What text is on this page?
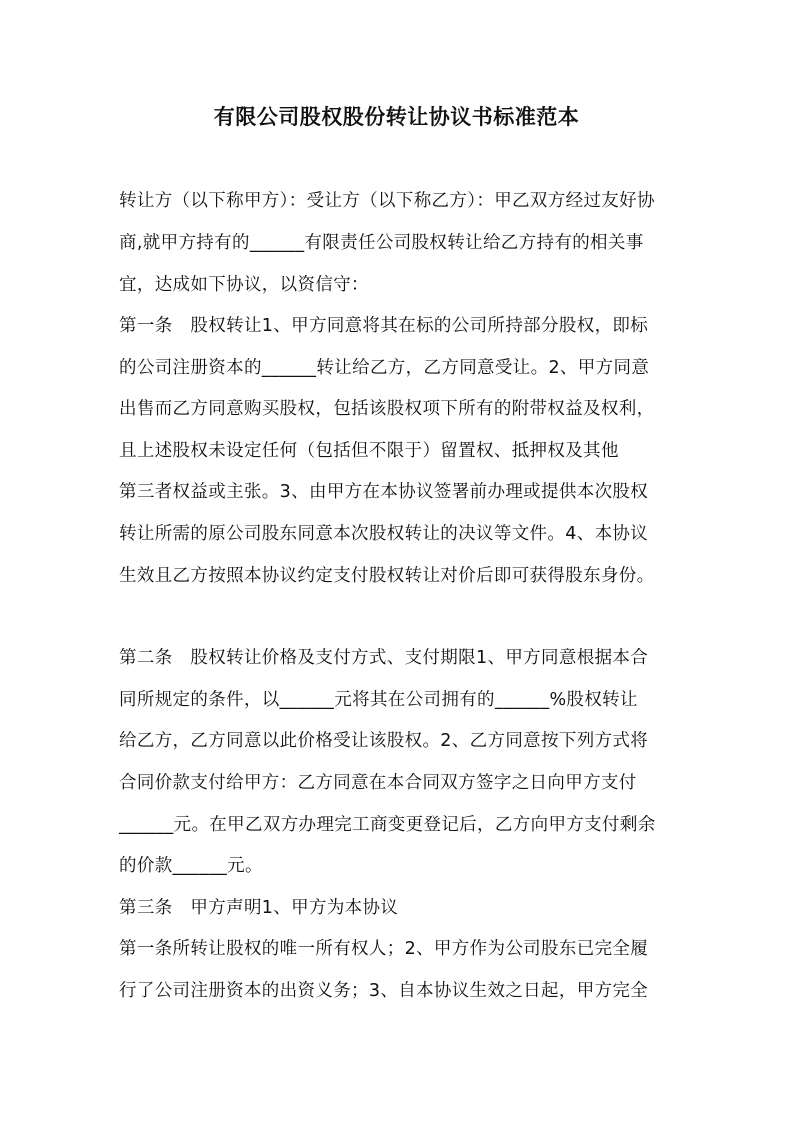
有限公司股权股份转让协议书标准范本
转让方（以下称甲方）：受让方（以下称乙方）：甲乙双方经过友好协
商,就甲方持有的______有限责任公司股权转让给乙方持有的相关事
宜，达成如下协议，以资信守：
第一条　股权转让1、甲方同意将其在标的公司所持部分股权，即标
的公司注册资本的______转让给乙方，乙方同意受让。2、甲方同意
出售而乙方同意购买股权，包括该股权项下所有的附带权益及权利，
且上述股权未设定任何（包括但不限于）留置权、抵押权及其他
第三者权益或主张。3、由甲方在本协议签署前办理或提供本次股权
转让所需的原公司股东同意本次股权转让的决议等文件。4、本协议
生效且乙方按照本协议约定支付股权转让对价后即可获得股东身份。
第二条　股权转让价格及支付方式、支付期限1、甲方同意根据本合
同所规定的条件，以______元将其在公司拥有的______%股权转让
给乙方，乙方同意以此价格受让该股权。2、乙方同意按下列方式将
合同价款支付给甲方：乙方同意在本合同双方签字之日向甲方支付
______元。在甲乙双方办理完工商变更登记后，乙方向甲方支付剩余
的价款______元。
第三条　甲方声明1、甲方为本协议
第一条所转让股权的唯一所有权人；2、甲方作为公司股东已完全履
行了公司注册资本的出资义务；3、自本协议生效之日起，甲方完全
